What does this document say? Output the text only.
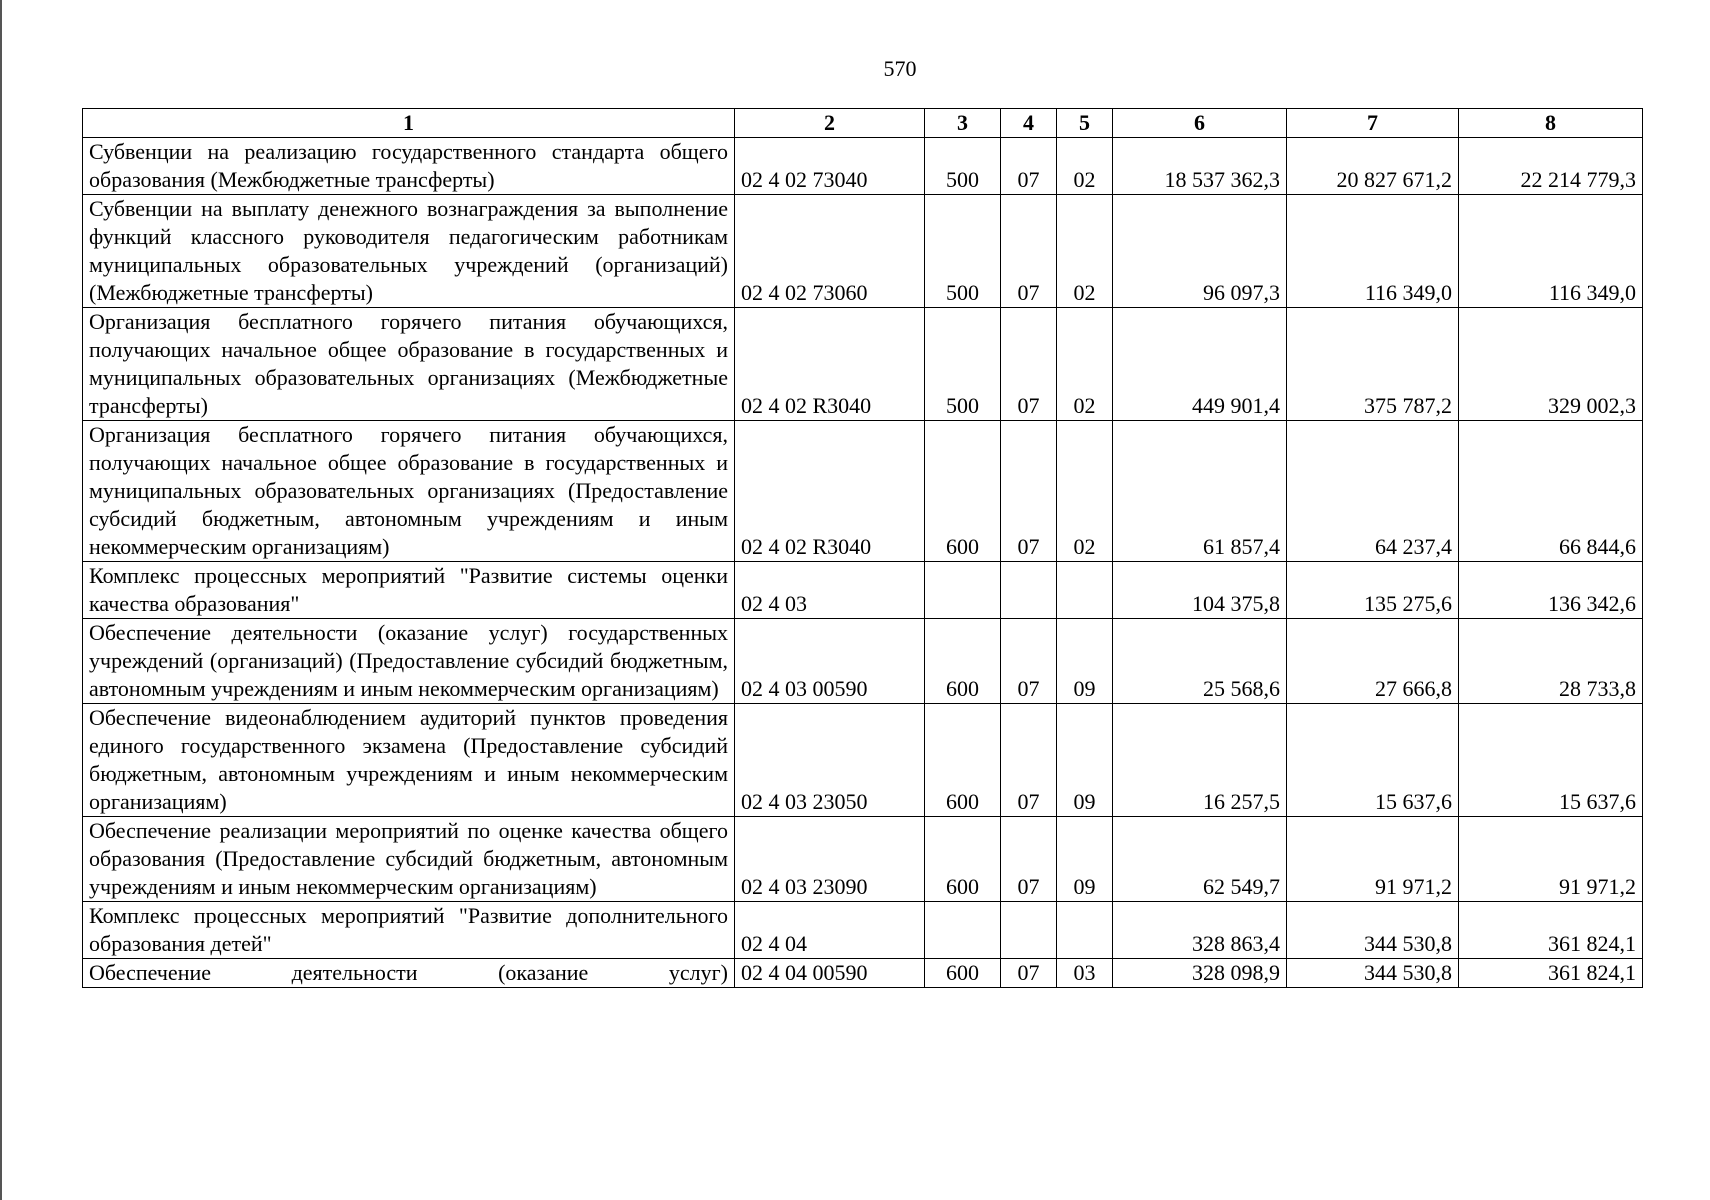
570
1	2	3	4	5	6	7	8
Субвенции на реализацию государственного стандарта общего образования (Межбюджетные трансферты)	02 4 02 73040	500	07	02	18 537 362,3	20 827 671,2	22 214 779,3
Субвенции на выплату денежного вознаграждения за выполнение функций классного руководителя педагогическим работникам муниципальных образовательных учреждений (организаций) (Межбюджетные трансферты)	02 4 02 73060	500	07	02	96 097,3	116 349,0	116 349,0
Организация бесплатного горячего питания обучающихся, получающих начальное общее образование в государственных и муниципальных образовательных организациях (Межбюджетные трансферты)	02 4 02 R3040	500	07	02	449 901,4	375 787,2	329 002,3
Организация бесплатного горячего питания обучающихся, получающих начальное общее образование в государственных и муниципальных образовательных организациях (Предоставление субсидий бюджетным, автономным учреждениям и иным некоммерческим организациям)	02 4 02 R3040	600	07	02	61 857,4	64 237,4	66 844,6
Комплекс процессных мероприятий "Развитие системы оценки качества образования"	02 4 03				104 375,8	135 275,6	136 342,6
Обеспечение деятельности (оказание услуг) государственных учреждений (организаций) (Предоставление субсидий бюджетным, автономным учреждениям и иным некоммерческим организациям)	02 4 03 00590	600	07	09	25 568,6	27 666,8	28 733,8
Обеспечение видеонаблюдением аудиторий пунктов проведения единого государственного экзамена (Предоставление субсидий бюджетным, автономным учреждениям и иным некоммерческим организациям)	02 4 03 23050	600	07	09	16 257,5	15 637,6	15 637,6
Обеспечение реализации мероприятий по оценке качества общего образования (Предоставление субсидий бюджетным, автономным учреждениям и иным некоммерческим организациям)	02 4 03 23090	600	07	09	62 549,7	91 971,2	91 971,2
Комплекс процессных мероприятий "Развитие дополнительного образования детей"	02 4 04				328 863,4	344 530,8	361 824,1
Обеспечение деятельности (оказание услуг)	02 4 04 00590	600	07	03	328 098,9	344 530,8	361 824,1
